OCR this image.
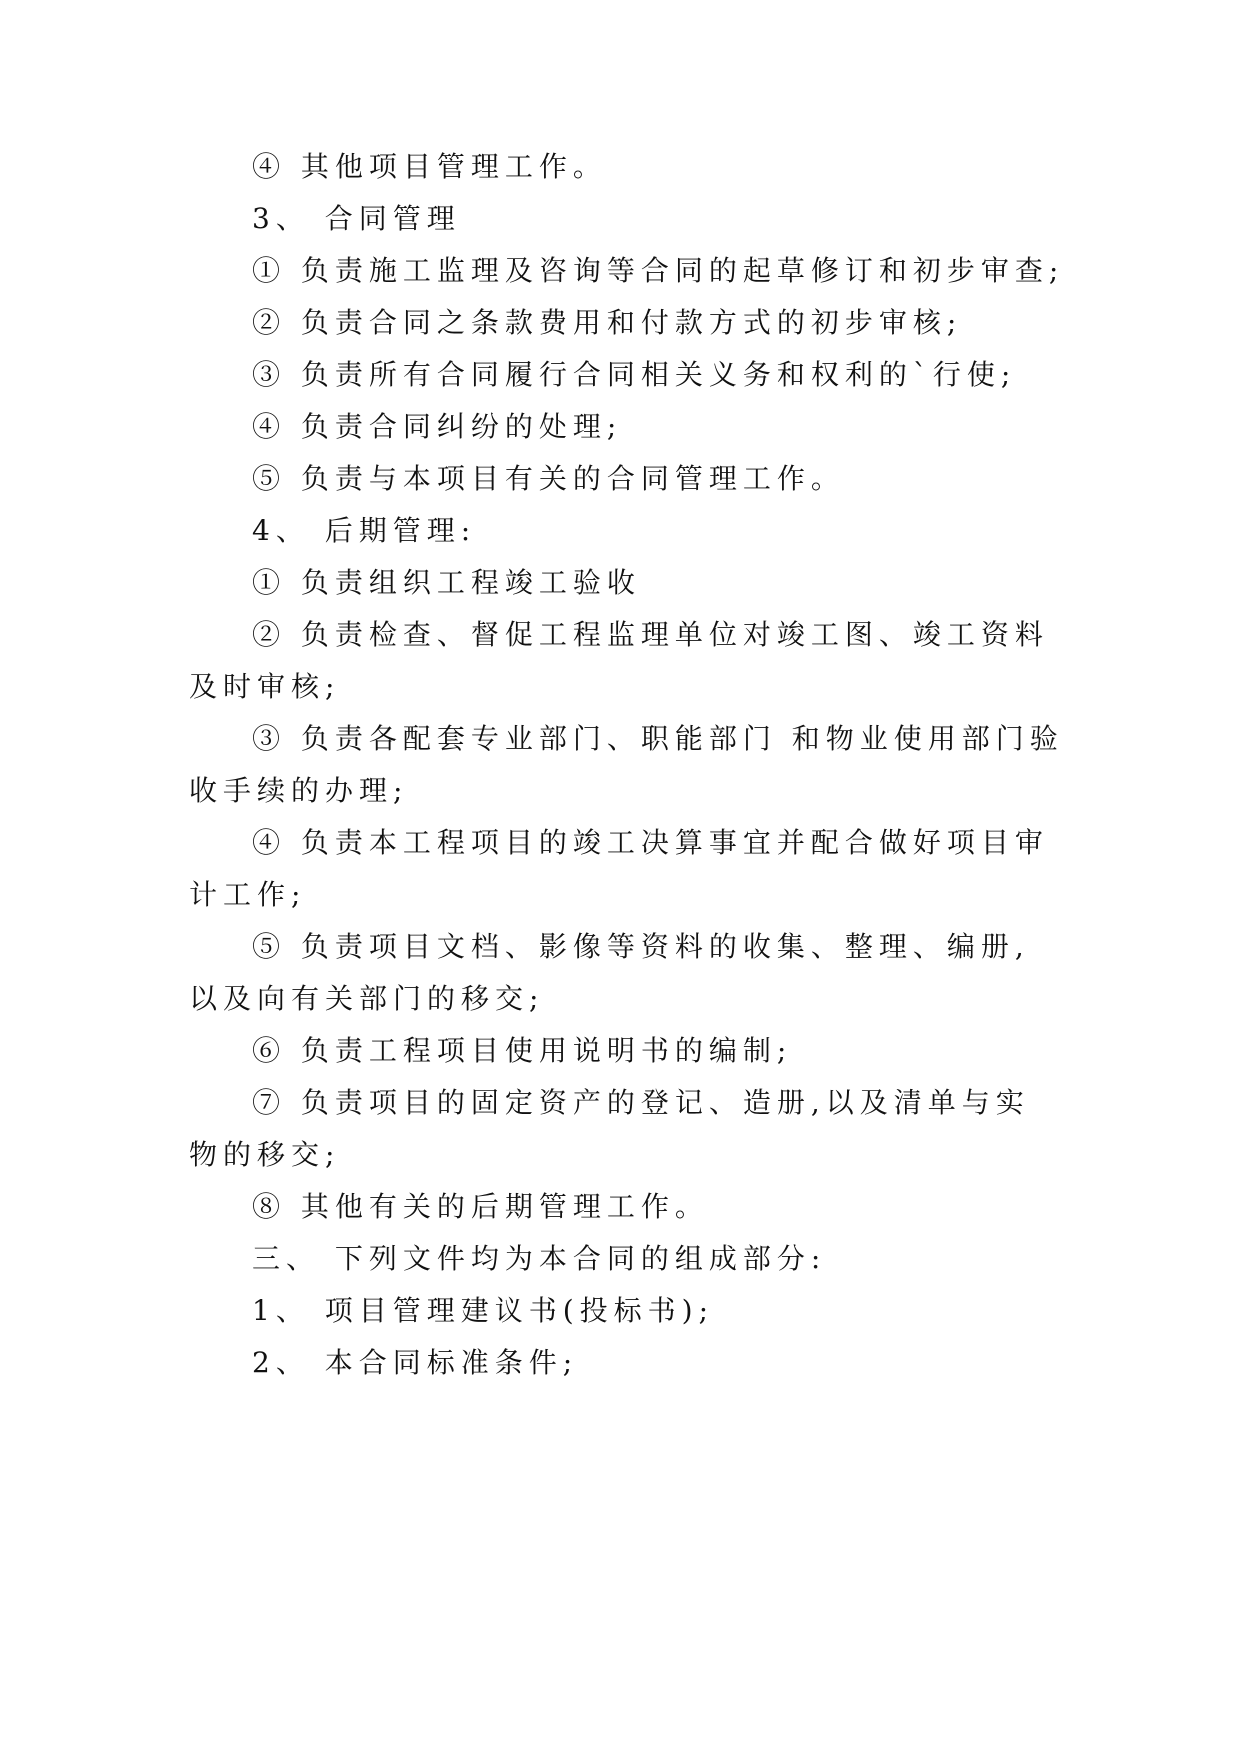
④ 其他项目管理工作。
3、 合同管理
① 负责施工监理及咨询等合同的起草修订和初步审查;
② 负责合同之条款费用和付款方式的初步审核;
③ 负责所有合同履行合同相关义务和权利的`行使;
④ 负责合同纠纷的处理;
⑤ 负责与本项目有关的合同管理工作。
4、 后期管理:
① 负责组织工程竣工验收
② 负责检查、督促工程监理单位对竣工图、竣工资料
及时审核;
③ 负责各配套专业部门、职能部门 和物业使用部门验
收手续的办理;
④ 负责本工程项目的竣工决算事宜并配合做好项目审
计工作;
⑤ 负责项目文档、影像等资料的收集、整理、编册,
以及向有关部门的移交;
⑥ 负责工程项目使用说明书的编制;
⑦ 负责项目的固定资产的登记、造册,以及清单与实
物的移交;
⑧ 其他有关的后期管理工作。
三、 下列文件均为本合同的组成部分:
1、 项目管理建议书(投标书);
2、 本合同标准条件;
